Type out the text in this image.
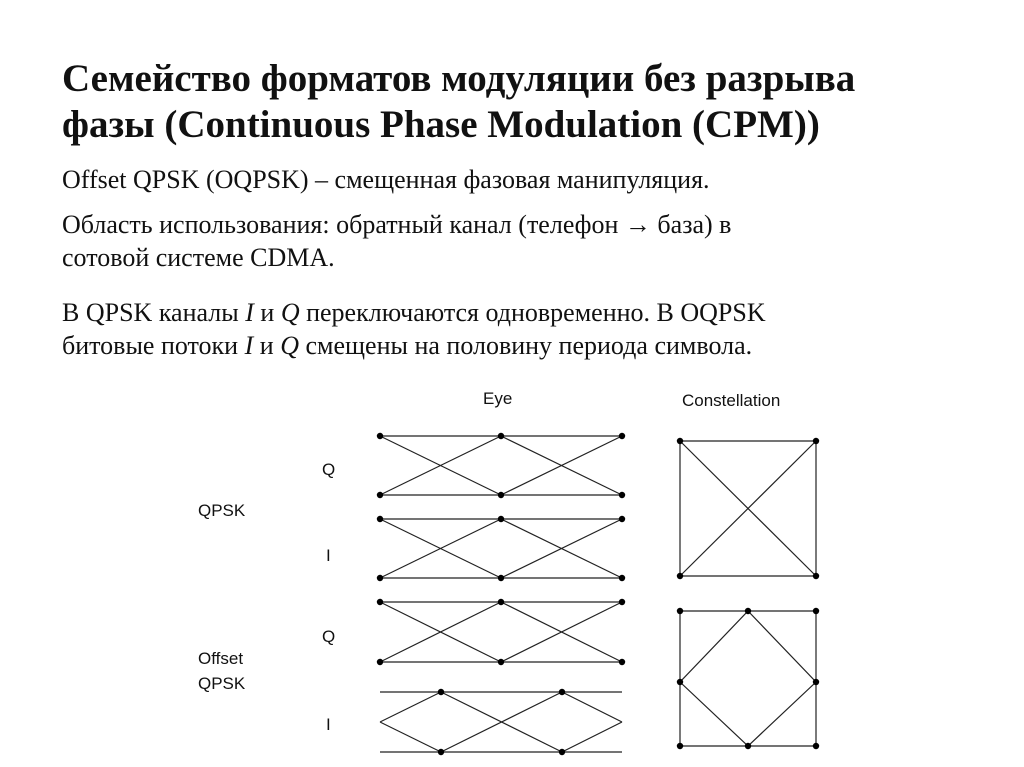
Семейство форматов модуляции без разрыва
фазы (Continuous Phase Modulation (CPM))

Offset QPSK (OQPSK) – смещенная фазовая манипуляция.

Область использования: обратный канал (телефон → база) в
сотовой системе CDMA.

В QPSK каналы I и Q переключаются одновременно. В OQPSK
битовые потоки I и Q смещены на половину периода символа.

Eye	Constellation
QPSK
Offset
QPSK
Q
I
Q
I
